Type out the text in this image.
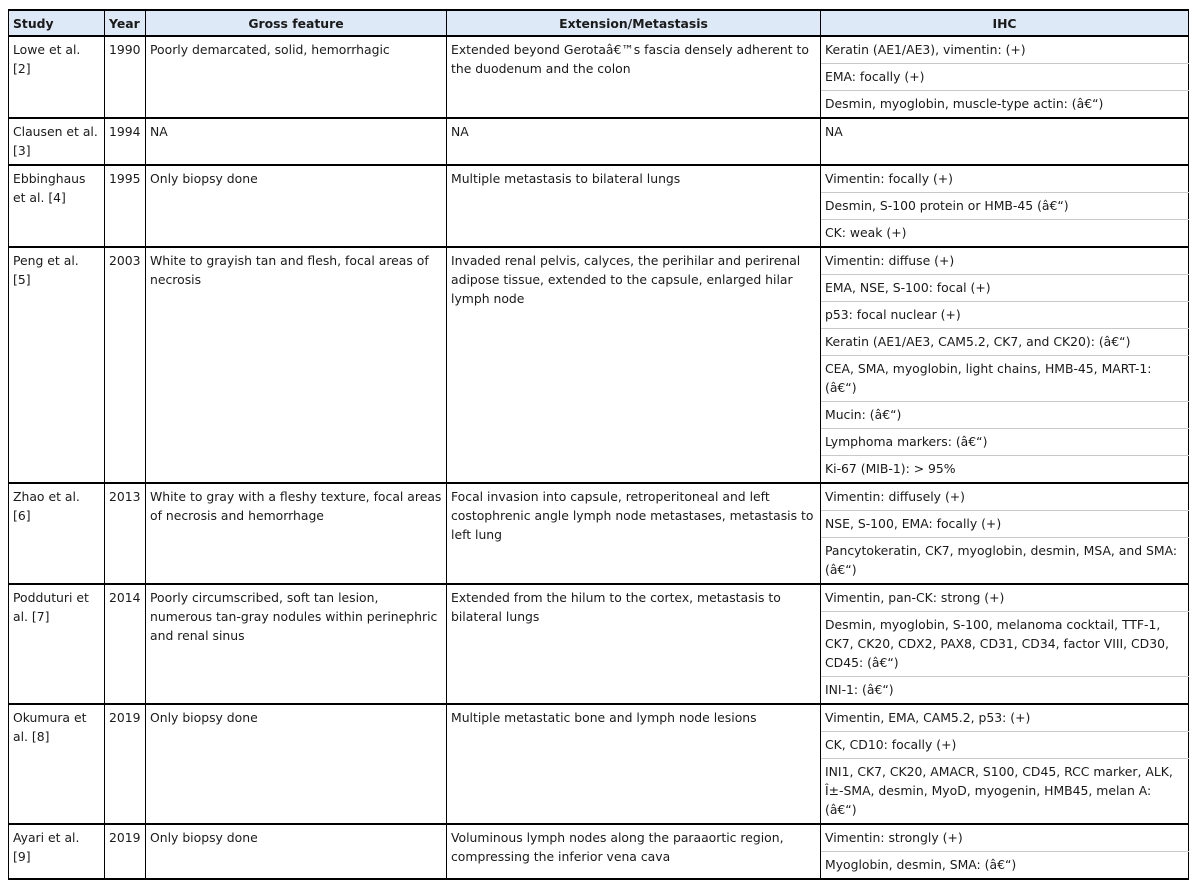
Study	Year	Gross feature	Extension/Metastasis	IHC
Lowe et al. [2]	1990	Poorly demarcated, solid, hemorrhagic	Extended beyond Gerotaâ€™s fascia densely adherent to the duodenum and the colon	Keratin (AE1/AE3), vimentin: (+)
				EMA: focally (+)
				Desmin, myoglobin, muscle-type actin: (â€“)
Clausen et al. [3]	1994	NA	NA	NA
Ebbinghaus et al. [4]	1995	Only biopsy done	Multiple metastasis to bilateral lungs	Vimentin: focally (+)
				Desmin, S-100 protein or HMB-45 (â€“)
				CK: weak (+)
Peng et al. [5]	2003	White to grayish tan and flesh, focal areas of necrosis	Invaded renal pelvis, calyces, the perihilar and perirenal adipose tissue, extended to the capsule, enlarged hilar lymph node	Vimentin: diffuse (+)
				EMA, NSE, S-100: focal (+)
				p53: focal nuclear (+)
				Keratin (AE1/AE3, CAM5.2, CK7, and CK20): (â€“)
				CEA, SMA, myoglobin, light chains, HMB-45, MART-1: (â€“)
				Mucin: (â€“)
				Lymphoma markers: (â€“)
				Ki-67 (MIB-1): > 95%
Zhao et al. [6]	2013	White to gray with a fleshy texture, focal areas of necrosis and hemorrhage	Focal invasion into capsule, retroperitoneal and left costophrenic angle lymph node metastases, metastasis to left lung	Vimentin: diffusely (+)
				NSE, S-100, EMA: focally (+)
				Pancytokeratin, CK7, myoglobin, desmin, MSA, and SMA: (â€“)
Podduturi et al. [7]	2014	Poorly circumscribed, soft tan lesion, numerous tan-gray nodules within perinephric and renal sinus	Extended from the hilum to the cortex, metastasis to bilateral lungs	Vimentin, pan-CK: strong (+)
				Desmin, myoglobin, S-100, melanoma cocktail, TTF-1, CK7, CK20, CDX2, PAX8, CD31, CD34, factor VIII, CD30, CD45: (â€“)
				INI-1: (â€“)
Okumura et al. [8]	2019	Only biopsy done	Multiple metastatic bone and lymph node lesions	Vimentin, EMA, CAM5.2, p53: (+)
				CK, CD10: focally (+)
				INI1, CK7, CK20, AMACR, S100, CD45, RCC marker, ALK, Î±-SMA, desmin, MyoD, myogenin, HMB45, melan A: (â€“)
Ayari et al. [9]	2019	Only biopsy done	Voluminous lymph nodes along the paraaortic region, compressing the inferior vena cava	Vimentin: strongly (+)
				Myoglobin, desmin, SMA: (â€“)
